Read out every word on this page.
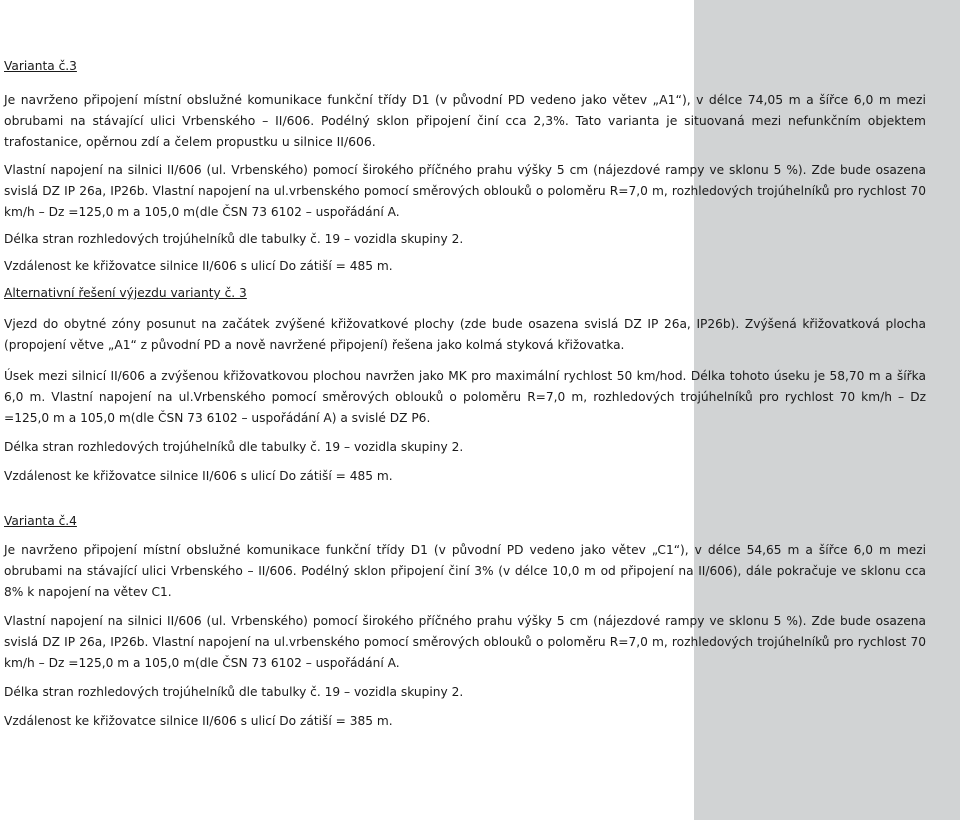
Varianta č.3

Je navrženo připojení místní obslužné komunikace funkční třídy D1 (v původní PD vedeno jako větev „A1“), v délce 74,05 m a šířce 6,0 m mezi obrubami na stávající ulici Vrbenského – II/606. Podélný sklon připojení činí cca 2,3%. Tato varianta je situovaná mezi nefunkčním objektem trafostanice, opěrnou zdí a čelem propustku u silnice II/606.

Vlastní napojení na silnici II/606 (ul. Vrbenského) pomocí širokého příčného prahu výšky 5 cm (nájezdové rampy ve sklonu 5 %). Zde bude osazena svislá DZ IP 26a, IP26b. Vlastní napojení na ul.vrbenského pomocí směrových oblouků o poloměru R=7,0 m, rozhledových trojúhelníků pro rychlost 70 km/h – Dz =125,0 m a 105,0 m(dle ČSN 73 6102 – uspořádání A.

Délka stran rozhledových trojúhelníků dle tabulky č. 19 – vozidla skupiny 2.

Vzdálenost ke křižovatce silnice II/606 s ulicí Do zátiší = 485 m.

Alternativní řešení výjezdu varianty č. 3

Vjezd do obytné zóny posunut na začátek zvýšené křižovatkové plochy (zde bude osazena svislá DZ IP 26a, IP26b). Zvýšená křižovatková plocha (propojení větve „A1“ z původní PD a nově navržené připojení) řešena jako kolmá styková křižovatka.

Úsek mezi silnicí II/606 a zvýšenou křižovatkovou plochou navržen jako MK pro maximální rychlost 50 km/hod. Délka tohoto úseku je 58,70 m a šířka 6,0 m. Vlastní napojení na ul.Vrbenského pomocí směrových oblouků o poloměru R=7,0 m, rozhledových trojúhelníků pro rychlost 70 km/h – Dz =125,0 m a 105,0 m(dle ČSN 73 6102 – uspořádání A) a svislé DZ P6.

Délka stran rozhledových trojúhelníků dle tabulky č. 19 – vozidla skupiny 2.

Vzdálenost ke křižovatce silnice II/606 s ulicí Do zátiší = 485 m.

Varianta č.4

Je navrženo připojení místní obslužné komunikace funkční třídy D1 (v původní PD vedeno jako větev „C1“), v délce 54,65 m a šířce 6,0 m mezi obrubami na stávající ulici Vrbenského – II/606. Podélný sklon připojení činí 3% (v délce 10,0 m od připojení na II/606), dále pokračuje ve sklonu cca 8% k napojení na větev C1.

Vlastní napojení na silnici II/606 (ul. Vrbenského) pomocí širokého příčného prahu výšky 5 cm (nájezdové rampy ve sklonu 5 %). Zde bude osazena svislá DZ IP 26a, IP26b. Vlastní napojení na ul.vrbenského pomocí směrových oblouků o poloměru R=7,0 m, rozhledových trojúhelníků pro rychlost 70 km/h – Dz =125,0 m a 105,0 m(dle ČSN 73 6102 – uspořádání A.

Délka stran rozhledových trojúhelníků dle tabulky č. 19 – vozidla skupiny 2.

Vzdálenost ke křižovatce silnice II/606 s ulicí Do zátiší = 385 m.
